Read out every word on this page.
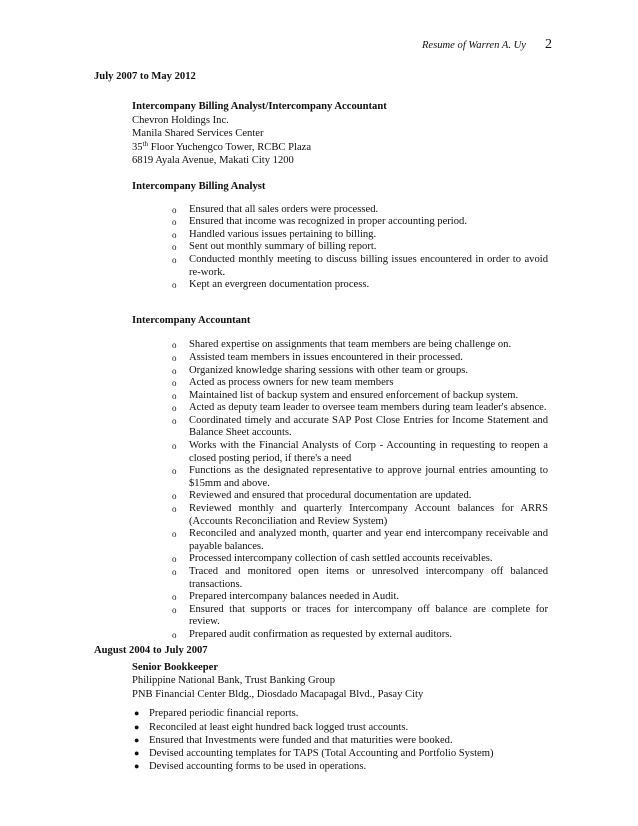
Resume of Warren A. Uy 2
July 2007 to May 2012
Intercompany Billing Analyst/Intercompany Accountant
Chevron Holdings Inc.
Manila Shared Services Center
35th Floor Yuchengco Tower, RCBC Plaza
6819 Ayala Avenue, Makati City 1200
Intercompany Billing Analyst
o Ensured that all sales orders were processed.
o Ensured that income was recognized in proper accounting period.
o Handled various issues pertaining to billing.
o Sent out monthly summary of billing report.
o Conducted monthly meeting to discuss billing issues encountered in order to avoid re-work.
o Kept an evergreen documentation process.
Intercompany Accountant
o Shared expertise on assignments that team members are being challenge on.
o Assisted team members in issues encountered in their processed.
o Organized knowledge sharing sessions with other team or groups.
o Acted as process owners for new team members
o Maintained list of backup system and ensured enforcement of backup system.
o Acted as deputy team leader to oversee team members during team leader's absence.
o Coordinated timely and accurate SAP Post Close Entries for Income Statement and Balance Sheet accounts.
o Works with the Financial Analysts of Corp - Accounting in requesting to reopen a closed posting period, if there's a need
o Functions as the designated representative to approve journal entries amounting to $15mm and above.
o Reviewed and ensured that procedural documentation are updated.
o Reviewed monthly and quarterly Intercompany Account balances for ARRS (Accounts Reconciliation and Review System)
o Reconciled and analyzed month, quarter and year end intercompany receivable and payable balances.
o Processed intercompany collection of cash settled accounts receivables.
o Traced and monitored open items or unresolved intercompany off balanced transactions.
o Prepared intercompany balances needed in Audit.
o Ensured that supports or traces for intercompany off balance are complete for review.
o Prepared audit confirmation as requested by external auditors.
August 2004 to July 2007
Senior Bookkeeper
Philippine National Bank, Trust Banking Group
PNB Financial Center Bldg., Diosdado Macapagal Blvd., Pasay City
● Prepared periodic financial reports.
● Reconciled at least eight hundred back logged trust accounts.
● Ensured that Investments were funded and that maturities were booked.
● Devised accounting templates for TAPS (Total Accounting and Portfolio System)
● Devised accounting forms to be used in operations.
